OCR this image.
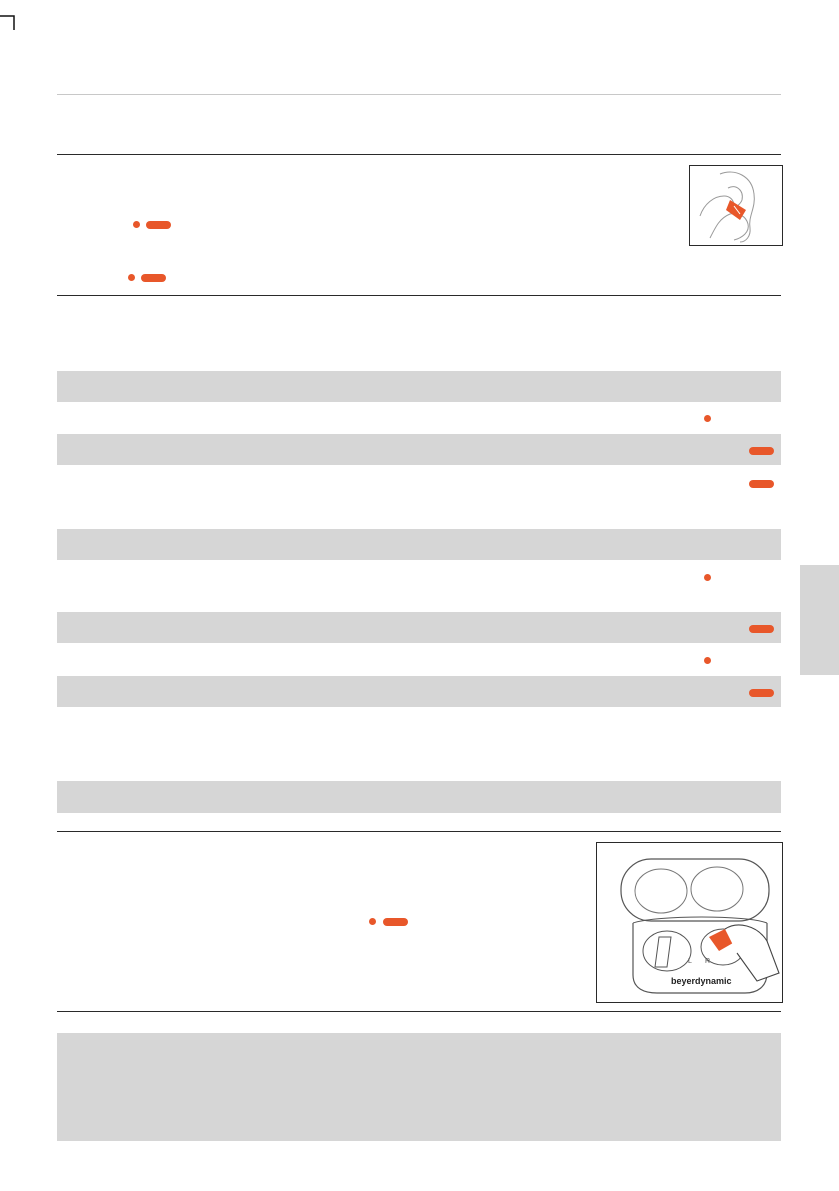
L R
beyerdynamic
